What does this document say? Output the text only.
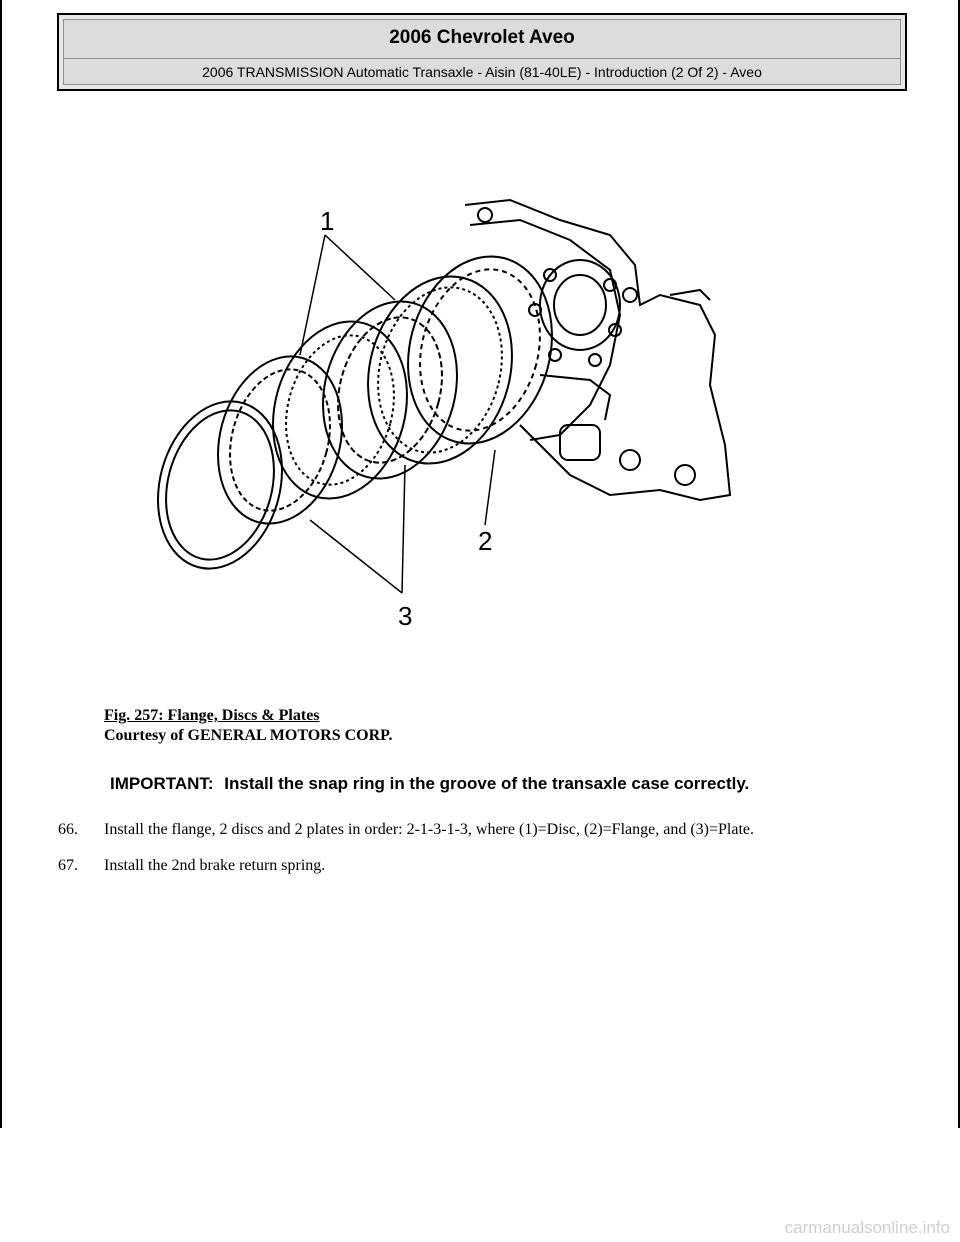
2006 Chevrolet Aveo
2006 TRANSMISSION Automatic Transaxle - Aisin (81-40LE) - Introduction (2 Of 2) - Aveo
1
2
3
Fig. 257: Flange, Discs & Plates
Courtesy of GENERAL MOTORS CORP.
IMPORTANT: Install the snap ring in the groove of the transaxle case correctly.
66.	Install the flange, 2 discs and 2 plates in order: 2-1-3-1-3, where (1)=Disc, (2)=Flange, and (3)=Plate.
67.	Install the 2nd brake return spring.
carmanualsonline.info
